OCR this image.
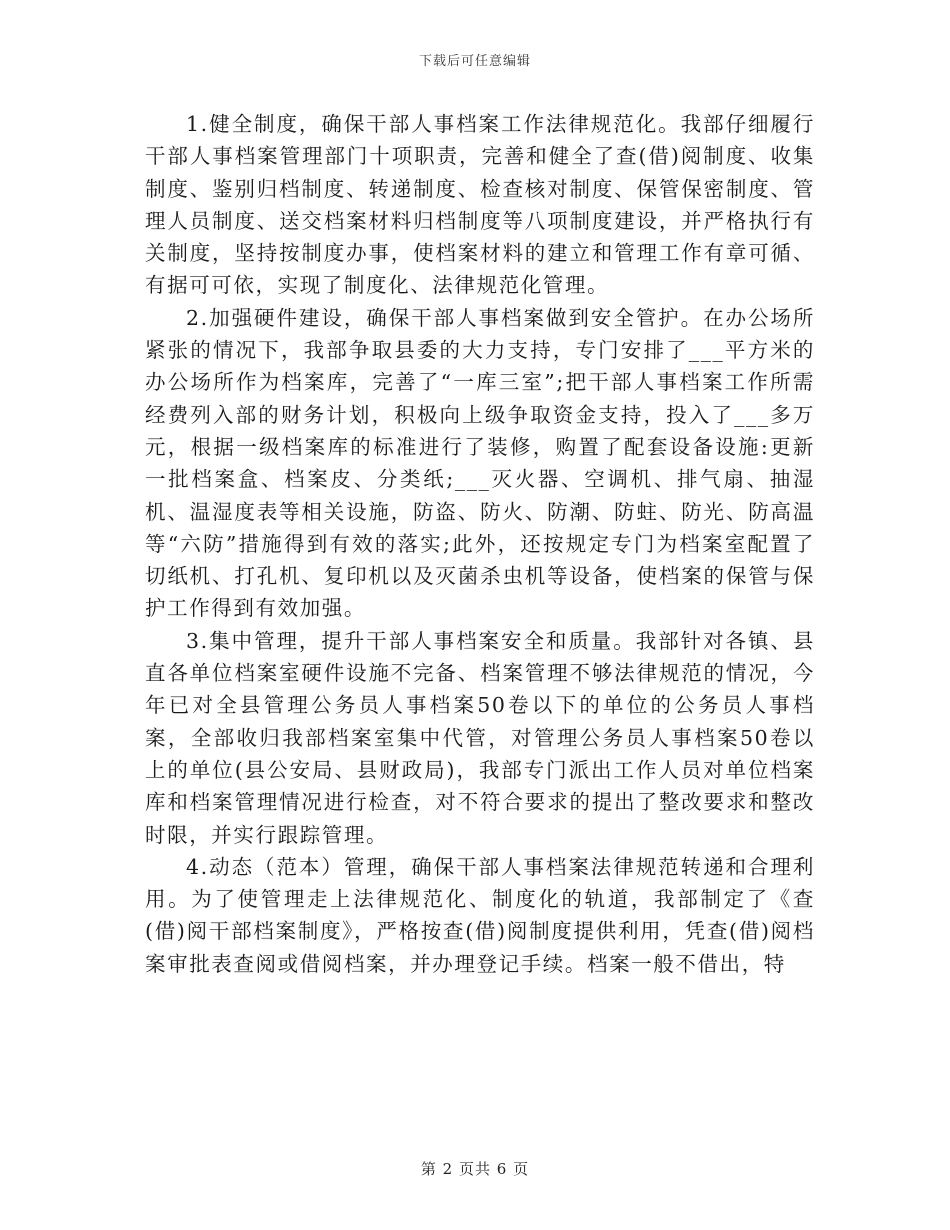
下载后可任意编辑

1.健全制度，确保干部人事档案工作法律规范化。我部仔细履行干部人事档案管理部门十项职责，完善和健全了查(借)阅制度、收集制度、鉴别归档制度、转递制度、检查核对制度、保管保密制度、管理人员制度、送交档案材料归档制度等八项制度建设，并严格执行有关制度，坚持按制度办事，使档案材料的建立和管理工作有章可循、有据可可依，实现了制度化、法律规范化管理。

2.加强硬件建设，确保干部人事档案做到安全管护。在办公场所紧张的情况下，我部争取县委的大力支持，专门安排了___平方米的办公场所作为档案库，完善了“一库三室”;把干部人事档案工作所需经费列入部的财务计划，积极向上级争取资金支持，投入了___多万元，根据一级档案库的标准进行了装修，购置了配套设备设施:更新一批档案盒、档案皮、分类纸;___灭火器、空调机、排气扇、抽湿机、温湿度表等相关设施，防盗、防火、防潮、防蛀、防光、防高温等“六防”措施得到有效的落实;此外，还按规定专门为档案室配置了切纸机、打孔机、复印机以及灭菌杀虫机等设备，使档案的保管与保护工作得到有效加强。

3.集中管理，提升干部人事档案安全和质量。我部针对各镇、县直各单位档案室硬件设施不完备、档案管理不够法律规范的情况，今年已对全县管理公务员人事档案50卷以下的单位的公务员人事档案，全部收归我部档案室集中代管，对管理公务员人事档案50卷以上的单位(县公安局、县财政局)，我部专门派出工作人员对单位档案库和档案管理情况进行检查，对不符合要求的提出了整改要求和整改时限，并实行跟踪管理。

4.动态（范本）管理，确保干部人事档案法律规范转递和合理利用。为了使管理走上法律规范化、制度化的轨道，我部制定了《查(借)阅干部档案制度》，严格按查(借)阅制度提供利用，凭查(借)阅档案审批表查阅或借阅档案，并办理登记手续。档案一般不借出，特

第 2 页共 6 页
